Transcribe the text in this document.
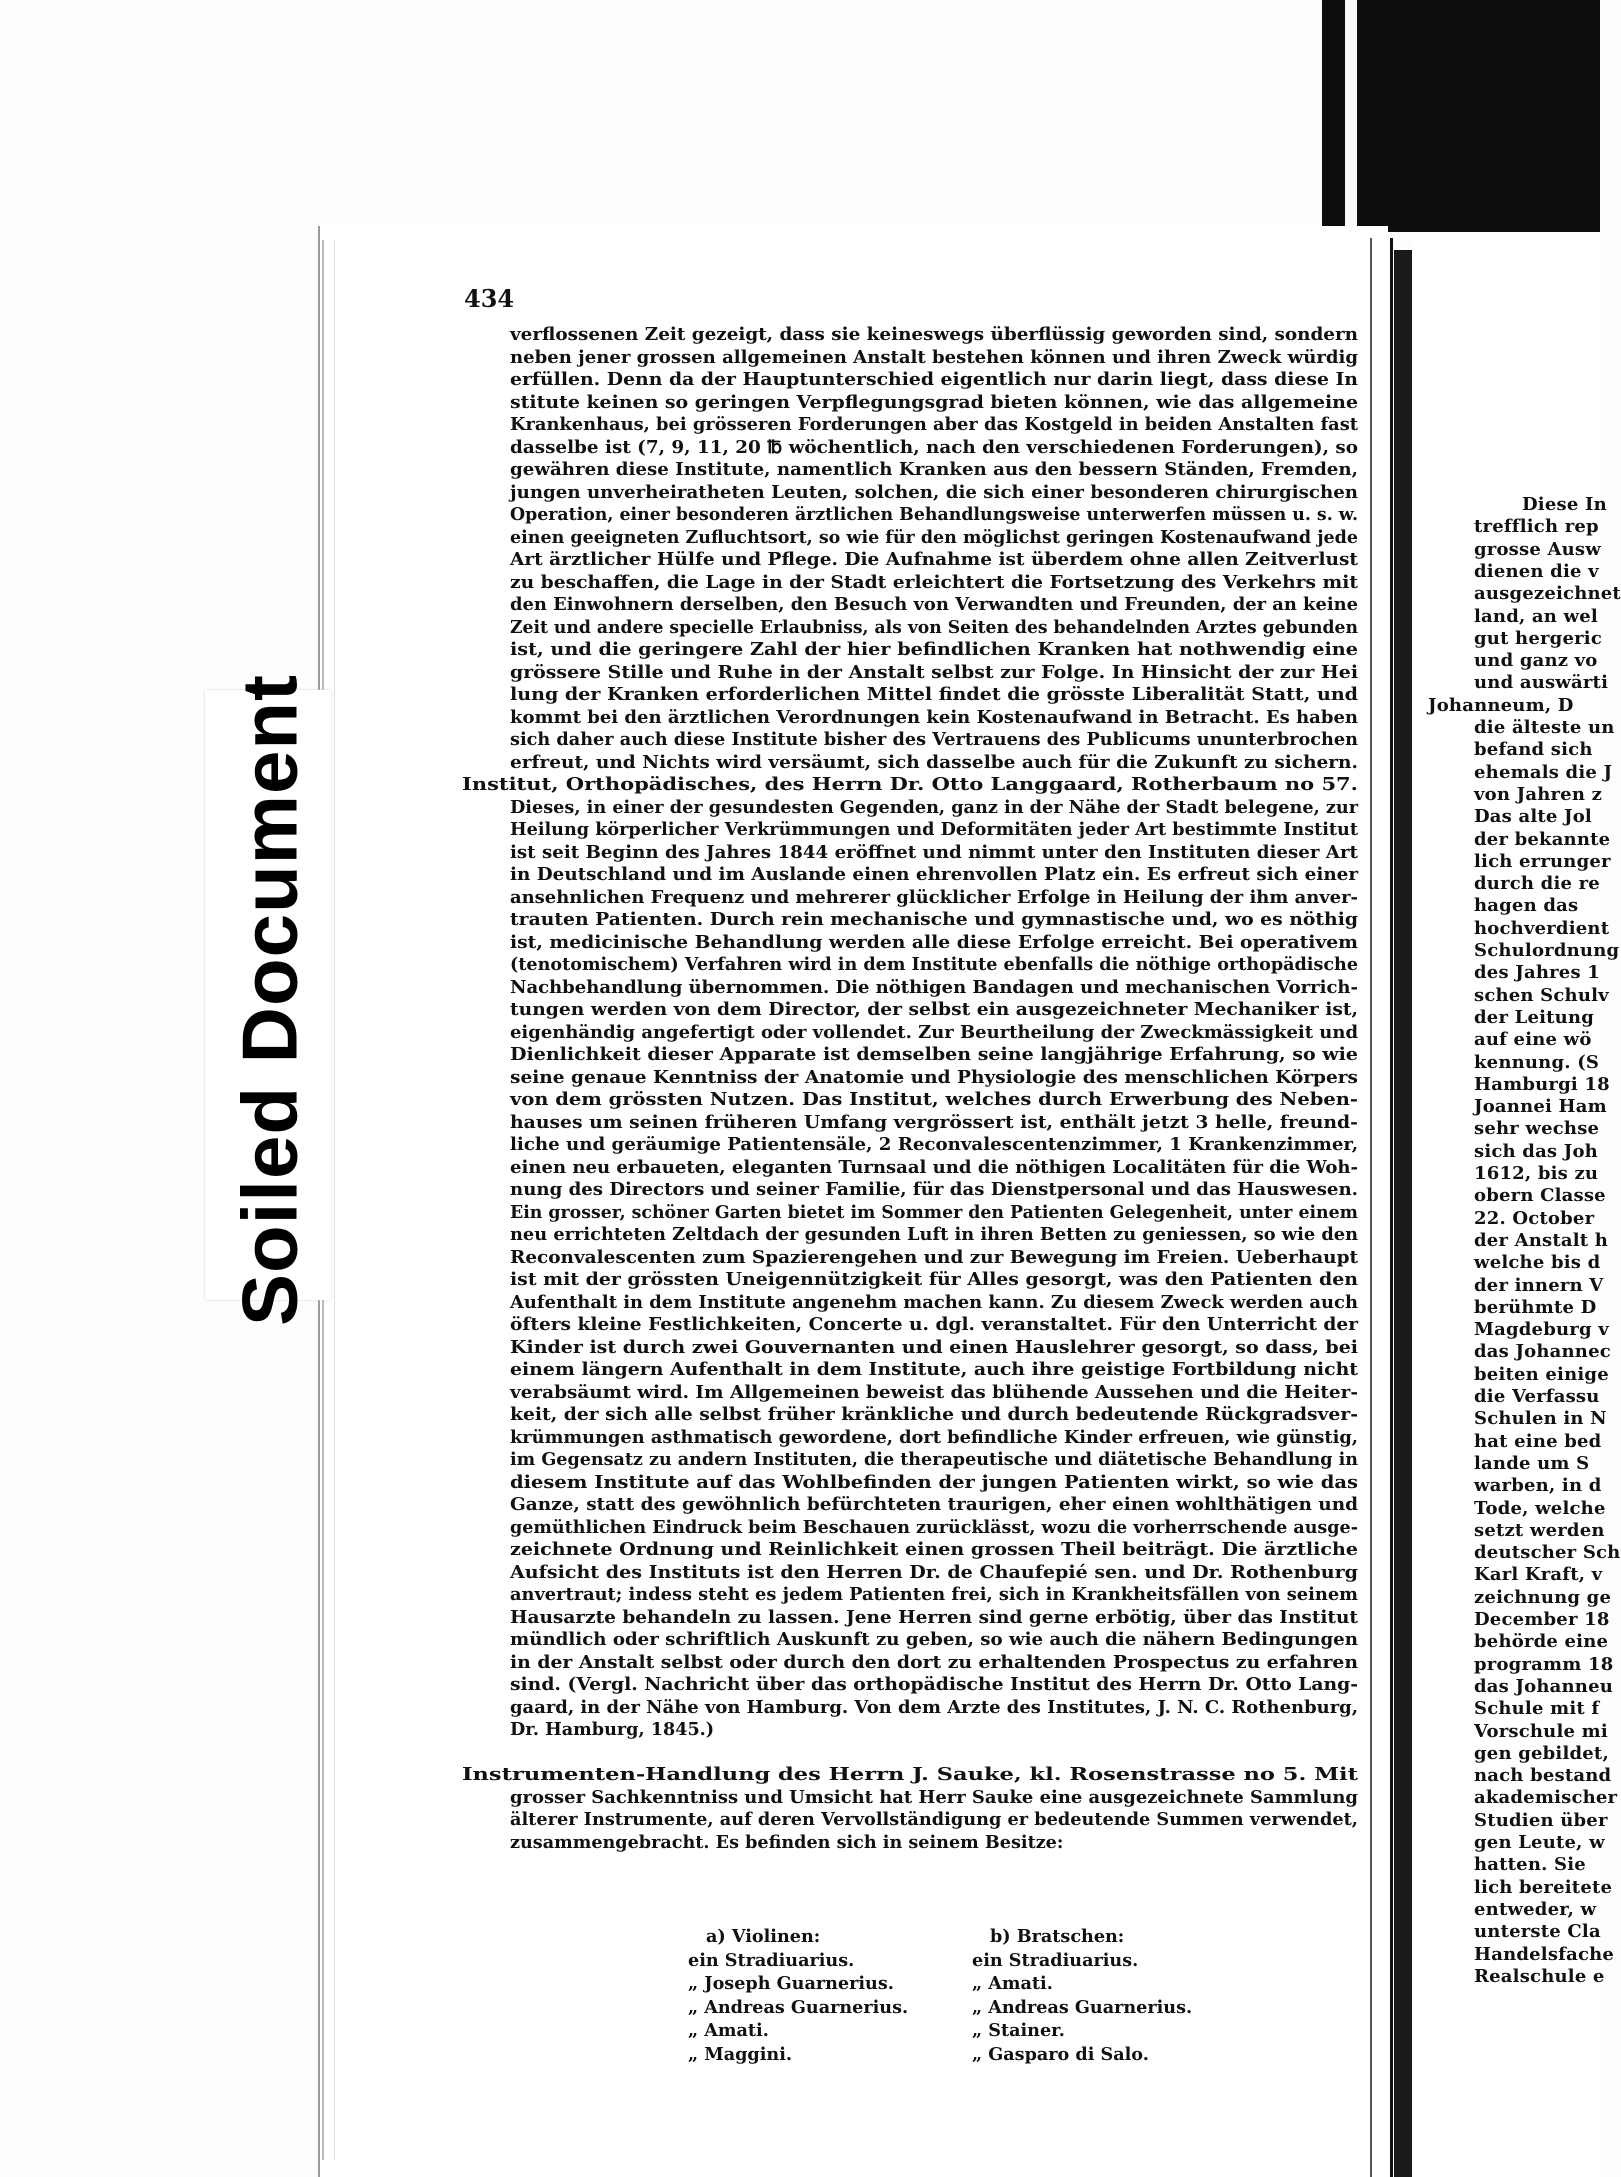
Diese In
trefflich rep
grosse Ausw
dienen die v
ausgezeichnet
land, an wel
gut hergeric
und ganz vo
und auswärti
Johanneum, D
die älteste un
befand sich
ehemals die J
von Jahren z
Das alte Jol
der bekannte
lich errunger
durch die re
hagen das
hochverdient
Schulordnung
des Jahres 1
schen Schulv
der Leitung
auf eine wö
kennung. (S
Hamburgi 18
Joannei Ham
sehr wechse
sich das Joh
1612, bis zu
obern Classe
22. October
der Anstalt h
welche bis d
der innern V
berühmte D
Magdeburg v
das Johannec
beiten einige
die Verfassu
Schulen in N
hat eine bed
lande um S
warben, in d
Tode, welche
setzt werden
deutscher Sch
Karl Kraft, v
zeichnung ge
December 18
behörde eine
programm 18
das Johanneu
Schule mit f
Vorschule mi
gen gebildet,
nach bestand
akademischer
Studien über
gen Leute, w
hatten. Sie
lich bereitete
entweder, w
unterste Cla
Handelsfache
Realschule e
Soiled Document
434
verflossenen Zeit gezeigt, dass sie keineswegs überflüssig geworden sind, sondern
neben jener grossen allgemeinen Anstalt bestehen können und ihren Zweck würdig
erfüllen. Denn da der Hauptunterschied eigentlich nur darin liegt, dass diese In
stitute keinen so geringen Verpflegungsgrad bieten können, wie das allgemeine
Krankenhaus, bei grösseren Forderungen aber das Kostgeld in beiden Anstalten fast
dasselbe ist (7, 9, 11, 20 ℔ wöchentlich, nach den verschiedenen Forderungen), so
gewähren diese Institute, namentlich Kranken aus den bessern Ständen, Fremden,
jungen unverheiratheten Leuten, solchen, die sich einer besonderen chirurgischen
Operation, einer besonderen ärztlichen Behandlungsweise unterwerfen müssen u. s. w.
einen geeigneten Zufluchtsort, so wie für den möglichst geringen Kostenaufwand jede
Art ärztlicher Hülfe und Pflege. Die Aufnahme ist überdem ohne allen Zeitverlust
zu beschaffen, die Lage in der Stadt erleichtert die Fortsetzung des Verkehrs mit
den Einwohnern derselben, den Besuch von Verwandten und Freunden, der an keine
Zeit und andere specielle Erlaubniss, als von Seiten des behandelnden Arztes gebunden
ist, und die geringere Zahl der hier befindlichen Kranken hat nothwendig eine
grössere Stille und Ruhe in der Anstalt selbst zur Folge. In Hinsicht der zur Hei
lung der Kranken erforderlichen Mittel findet die grösste Liberalität Statt, und
kommt bei den ärztlichen Verordnungen kein Kostenaufwand in Betracht. Es haben
sich daher auch diese Institute bisher des Vertrauens des Publicums ununterbrochen
erfreut, und Nichts wird versäumt, sich dasselbe auch für die Zukunft zu sichern.
Institut, Orthopädisches, des Herrn Dr. Otto Langgaard, Rotherbaum no 57.
Dieses, in einer der gesundesten Gegenden, ganz in der Nähe der Stadt belegene, zur
Heilung körperlicher Verkrümmungen und Deformitäten jeder Art bestimmte Institut
ist seit Beginn des Jahres 1844 eröffnet und nimmt unter den Instituten dieser Art
in Deutschland und im Auslande einen ehrenvollen Platz ein. Es erfreut sich einer
ansehnlichen Frequenz und mehrerer glücklicher Erfolge in Heilung der ihm anver-
trauten Patienten. Durch rein mechanische und gymnastische und, wo es nöthig
ist, medicinische Behandlung werden alle diese Erfolge erreicht. Bei operativem
(tenotomischem) Verfahren wird in dem Institute ebenfalls die nöthige orthopädische
Nachbehandlung übernommen. Die nöthigen Bandagen und mechanischen Vorrich-
tungen werden von dem Director, der selbst ein ausgezeichneter Mechaniker ist,
eigenhändig angefertigt oder vollendet. Zur Beurtheilung der Zweckmässigkeit und
Dienlichkeit dieser Apparate ist demselben seine langjährige Erfahrung, so wie
seine genaue Kenntniss der Anatomie und Physiologie des menschlichen Körpers
von dem grössten Nutzen. Das Institut, welches durch Erwerbung des Neben-
hauses um seinen früheren Umfang vergrössert ist, enthält jetzt 3 helle, freund-
liche und geräumige Patientensäle, 2 Reconvalescentenzimmer, 1 Krankenzimmer,
einen neu erbaueten, eleganten Turnsaal und die nöthigen Localitäten für die Woh-
nung des Directors und seiner Familie, für das Dienstpersonal und das Hauswesen.
Ein grosser, schöner Garten bietet im Sommer den Patienten Gelegenheit, unter einem
neu errichteten Zeltdach der gesunden Luft in ihren Betten zu geniessen, so wie den
Reconvalescenten zum Spazierengehen und zur Bewegung im Freien. Ueberhaupt
ist mit der grössten Uneigennützigkeit für Alles gesorgt, was den Patienten den
Aufenthalt in dem Institute angenehm machen kann. Zu diesem Zweck werden auch
öfters kleine Festlichkeiten, Concerte u. dgl. veranstaltet. Für den Unterricht der
Kinder ist durch zwei Gouvernanten und einen Hauslehrer gesorgt, so dass, bei
einem längern Aufenthalt in dem Institute, auch ihre geistige Fortbildung nicht
verabsäumt wird. Im Allgemeinen beweist das blühende Aussehen und die Heiter-
keit, der sich alle selbst früher kränkliche und durch bedeutende Rückgradsver-
krümmungen asthmatisch gewordene, dort befindliche Kinder erfreuen, wie günstig,
im Gegensatz zu andern Instituten, die therapeutische und diätetische Behandlung in
diesem Institute auf das Wohlbefinden der jungen Patienten wirkt, so wie das
Ganze, statt des gewöhnlich befürchteten traurigen, eher einen wohlthätigen und
gemüthlichen Eindruck beim Beschauen zurücklässt, wozu die vorherrschende ausge-
zeichnete Ordnung und Reinlichkeit einen grossen Theil beiträgt. Die ärztliche
Aufsicht des Instituts ist den Herren Dr. de Chaufepié sen. und Dr. Rothenburg
anvertraut; indess steht es jedem Patienten frei, sich in Krankheitsfällen von seinem
Hausarzte behandeln zu lassen. Jene Herren sind gerne erbötig, über das Institut
mündlich oder schriftlich Auskunft zu geben, so wie auch die nähern Bedingungen
in der Anstalt selbst oder durch den dort zu erhaltenden Prospectus zu erfahren
sind. (Vergl. Nachricht über das orthopädische Institut des Herrn Dr. Otto Lang-
gaard, in der Nähe von Hamburg. Von dem Arzte des Institutes, J. N. C. Rothenburg,
Dr. Hamburg, 1845.)
Instrumenten-Handlung des Herrn J. Sauke, kl. Rosenstrasse no 5. Mit
grosser Sachkenntniss und Umsicht hat Herr Sauke eine ausgezeichnete Sammlung
älterer Instrumente, auf deren Vervollständigung er bedeutende Summen verwendet,
zusammengebracht. Es befinden sich in seinem Besitze:
a) Violinen:
ein Stradiuarius.
„ Joseph Guarnerius.
„ Andreas Guarnerius.
„ Amati.
„ Maggini.
b) Bratschen:
ein Stradiuarius.
„ Amati.
„ Andreas Guarnerius.
„ Stainer.
„ Gasparo di Salo.
